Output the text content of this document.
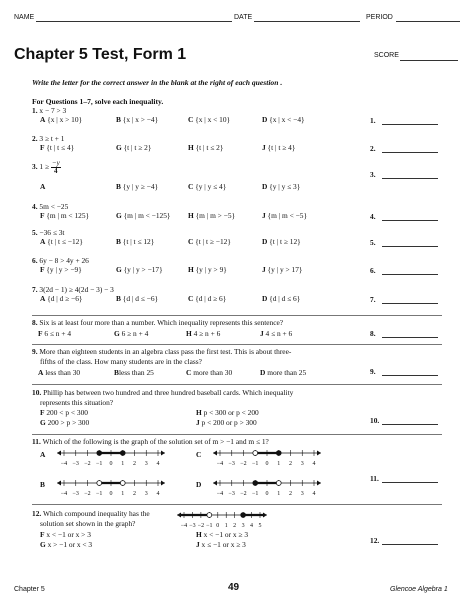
NAME	DATE	PERIOD
Chapter 5 Test, Form 1	SCORE
Write the letter for the correct answer in the blank at the right of each question .
For Questions 1–7, solve each inequality.
1. x − 7 > 3
A {x | x > 10}	B {x | x > −4}	C {x | x < 10}	D {x | x < −4}	1.
2. 3 ≥ t + 1
F {t | t ≤ 4}	G {t | t ≥ 2}	H {t | t ≤ 2}	J {t | t ≥ 4}	2.
3. $1 \ge \frac{-y}{4}$
A	B {y | y ≥ −4}	C {y | y ≤ 4}	D {y | y ≤ 3}
3.
4. 5m < −25
F {m | m < 125}	G {m | m < −125} H {m | m > −5}	J {m | m < −5}	4.
5. −36 ≤ 3t
A {t | t ≤ −12}	B {t | t ≤ 12}	C {t | t ≥ −12}	D {t | t ≥ 12}	5.
6. 6y − 8 > 4y + 26
F {y | y > −9}	G {y | y > −17}	H {y | y > 9}	J {y | y > 17}	6.
7. 3(2d − 1) ≥ 4(2d − 3) − 3
A {d | d ≥ −6}	B {d | d ≤ −6}	C {d | d ≥ 6}	D {d | d ≤ 6}	7.
8. Six is at least four more than a number. Which inequality represents this sentence?
F 6 ≤ n + 4	G 6 ≥ n + 4	H 4 ≥ n + 6	J 4 ≤ n + 6	8.
9. More than eighteen students in an algebra class pass the first test. This is about three-
fifths of the class. How many students are in the class?
A less than 30	Bless than 25	C more than 30	D more than 25	9.
10. Phillip has between two hundred and three hundred baseball cards. Which inequality
represents this situation?
F 200 < p < 300
G 200 > p > 300
H p < 300 or p < 200
J p < 200 or p > 300	10.
11. Which of the following is the graph of the solution set of m > −1 and m ≤ 1?
A
−4 −3 −2 −1 0 1 2 3 4
B
−4 −3 −2 −1 0 1 2 3 4
C
−4 −3 −2 −1 0 1 2 3 4
D
−4 −3 −2 −1 0 1 2 3 4
11.
12. Which compound inequality has the
solution set shown in the graph?	−4 −3 −2 −1 0 1 2 3 4 5
F x < −1 or x > 3
G x > −1 or x < 3
H x < −1 or x ≥ 3
J x ≤ −1 or x ≥ 3	12.
Chapter 5	49	Glencoe Algebra 1
